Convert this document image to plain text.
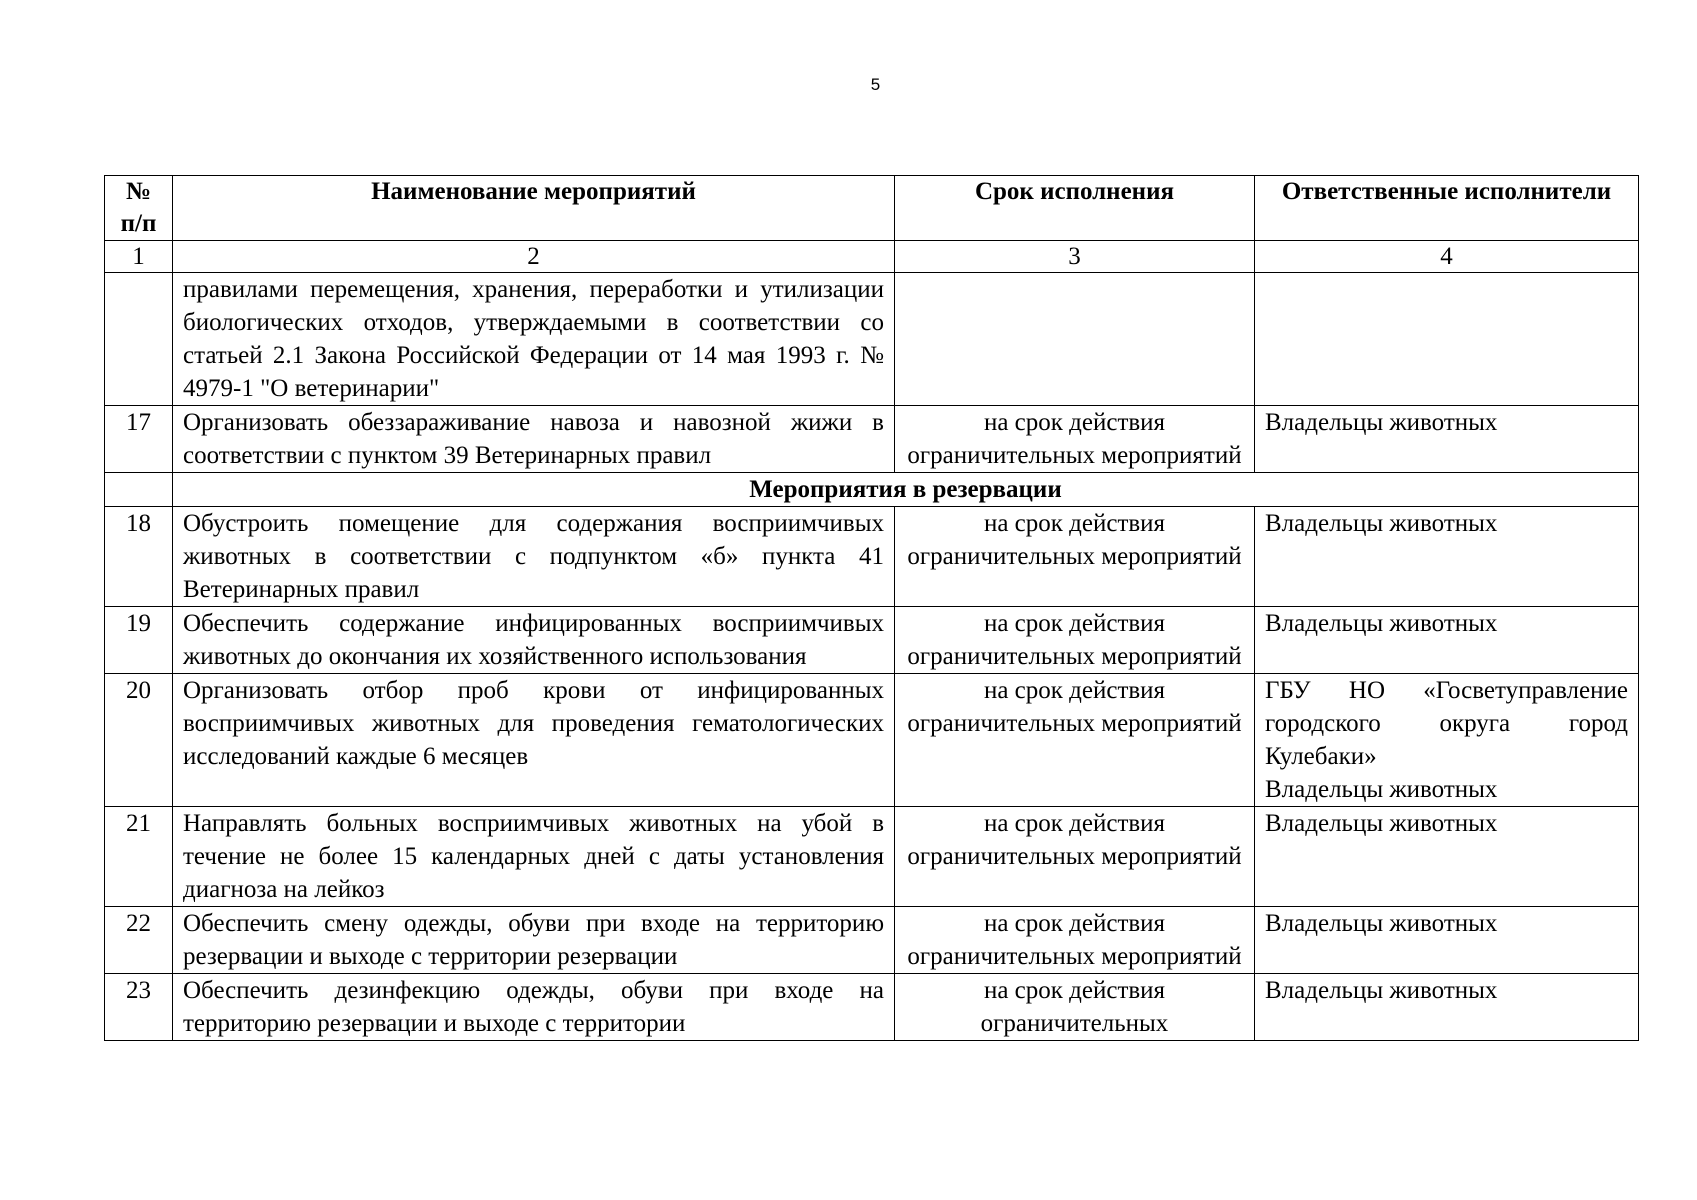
5
№ п/п	Наименование мероприятий	Срок исполнения	Ответственные исполнители
1	2	3	4
	правилами перемещения, хранения, переработки и утилизации биологических отходов, утверждаемыми в соответствии со статьей 2.1 Закона Российской Федерации от 14 мая 1993 г. № 4979-1 "О ветеринарии"		
17	Организовать обеззараживание навоза и навозной жижи в соответствии с пунктом 39 Ветеринарных правил	на срок действия ограничительных мероприятий	Владельцы животных
	Мероприятия в резервации		
18	Обустроить помещение для содержания восприимчивых животных в соответствии с подпунктом «б» пункта 41 Ветеринарных правил	на срок действия ограничительных мероприятий	Владельцы животных
19	Обеспечить содержание инфицированных восприимчивых животных до окончания их хозяйственного использования	на срок действия ограничительных мероприятий	Владельцы животных
20	Организовать отбор проб крови от инфицированных восприимчивых животных для проведения гематологических исследований каждые 6 месяцев	на срок действия ограничительных мероприятий	ГБУ НО «Госветуправление городского округа город Кулебаки»
Владельцы животных

21	Направлять больных восприимчивых животных на убой в течение не более 15 календарных дней с даты установления диагноза на лейкоз	на срок действия ограничительных мероприятий	Владельцы животных
22	Обеспечить смену одежды, обуви при входе на территорию резервации и выходе с территории резервации	на срок действия ограничительных мероприятий	Владельцы животных
23	Обеспечить дезинфекцию одежды, обуви при входе на территорию резервации и выходе с территории	на срок действия ограничительных	Владельцы животных
